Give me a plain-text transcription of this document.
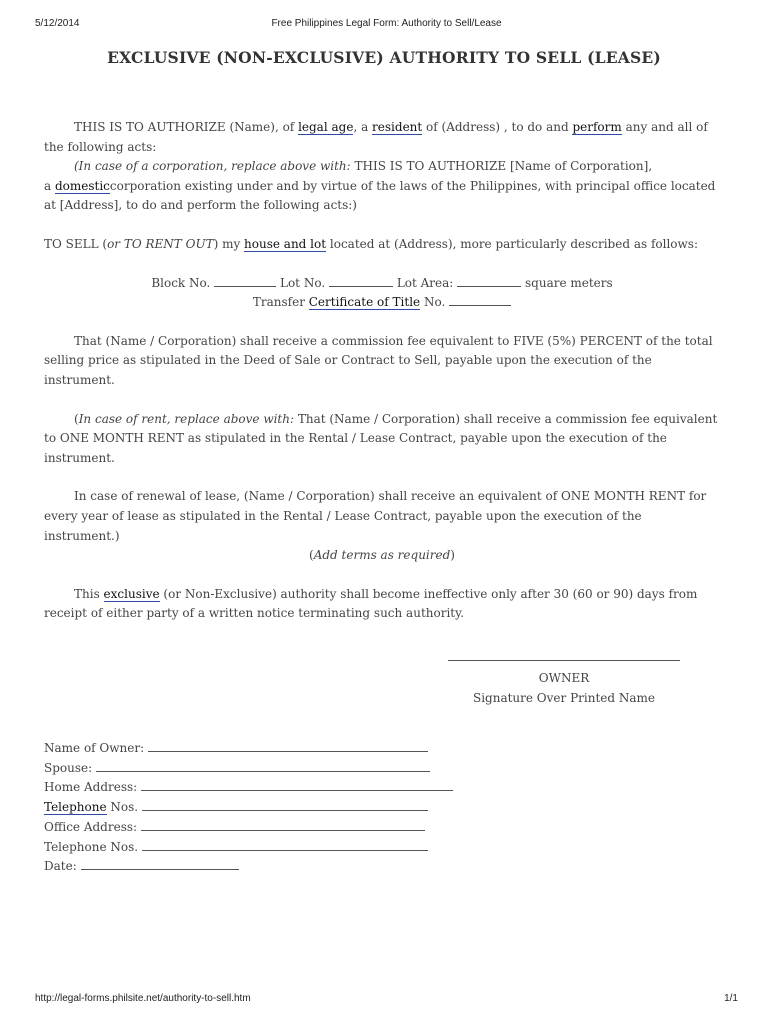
5/12/2014	Free Philippines Legal Form: Authority to Sell/Lease
EXCLUSIVE (NON-EXCLUSIVE) AUTHORITY TO SELL (LEASE)

THIS IS TO AUTHORIZE (Name), of legal age, a resident of (Address) , to do and perform any and all of the following acts:

(In case of a corporation, replace above with: THIS IS TO AUTHORIZE [Name of Corporation],
a domesticcorporation existing under and by virtue of the laws of the Philippines, with principal office located at [Address], to do and perform the following acts:)

TO SELL (or TO RENT OUT) my house and lot located at (Address), more particularly described as follows:

Block No.	Lot No.	Lot Area:	square meters

Transfer Certificate of Title No.

That (Name / Corporation) shall receive a commission fee equivalent to FIVE (5%) PERCENT of the total selling price as stipulated in the Deed of Sale or Contract to Sell, payable upon the execution of the instrument.

(In case of rent, replace above with: That (Name / Corporation) shall receive a commission fee equivalent to ONE MONTH RENT as stipulated in the Rental / Lease Contract, payable upon the execution of the instrument.

In case of renewal of lease, (Name / Corporation) shall receive an equivalent of ONE MONTH RENT for every year of lease as stipulated in the Rental / Lease Contract, payable upon the execution of the instrument.)

(Add terms as required)

This exclusive (or Non-Exclusive) authority shall become ineffective only after 30 (60 or 90) days from receipt of either party of a written notice terminating such authority.

OWNER
Signature Over Printed Name
Name of Owner:
Spouse:
Home Address:
Telephone Nos.
Office Address:
Telephone Nos.
Date:
http://legal-forms.philsite.net/authority-to-sell.htm	1/1
